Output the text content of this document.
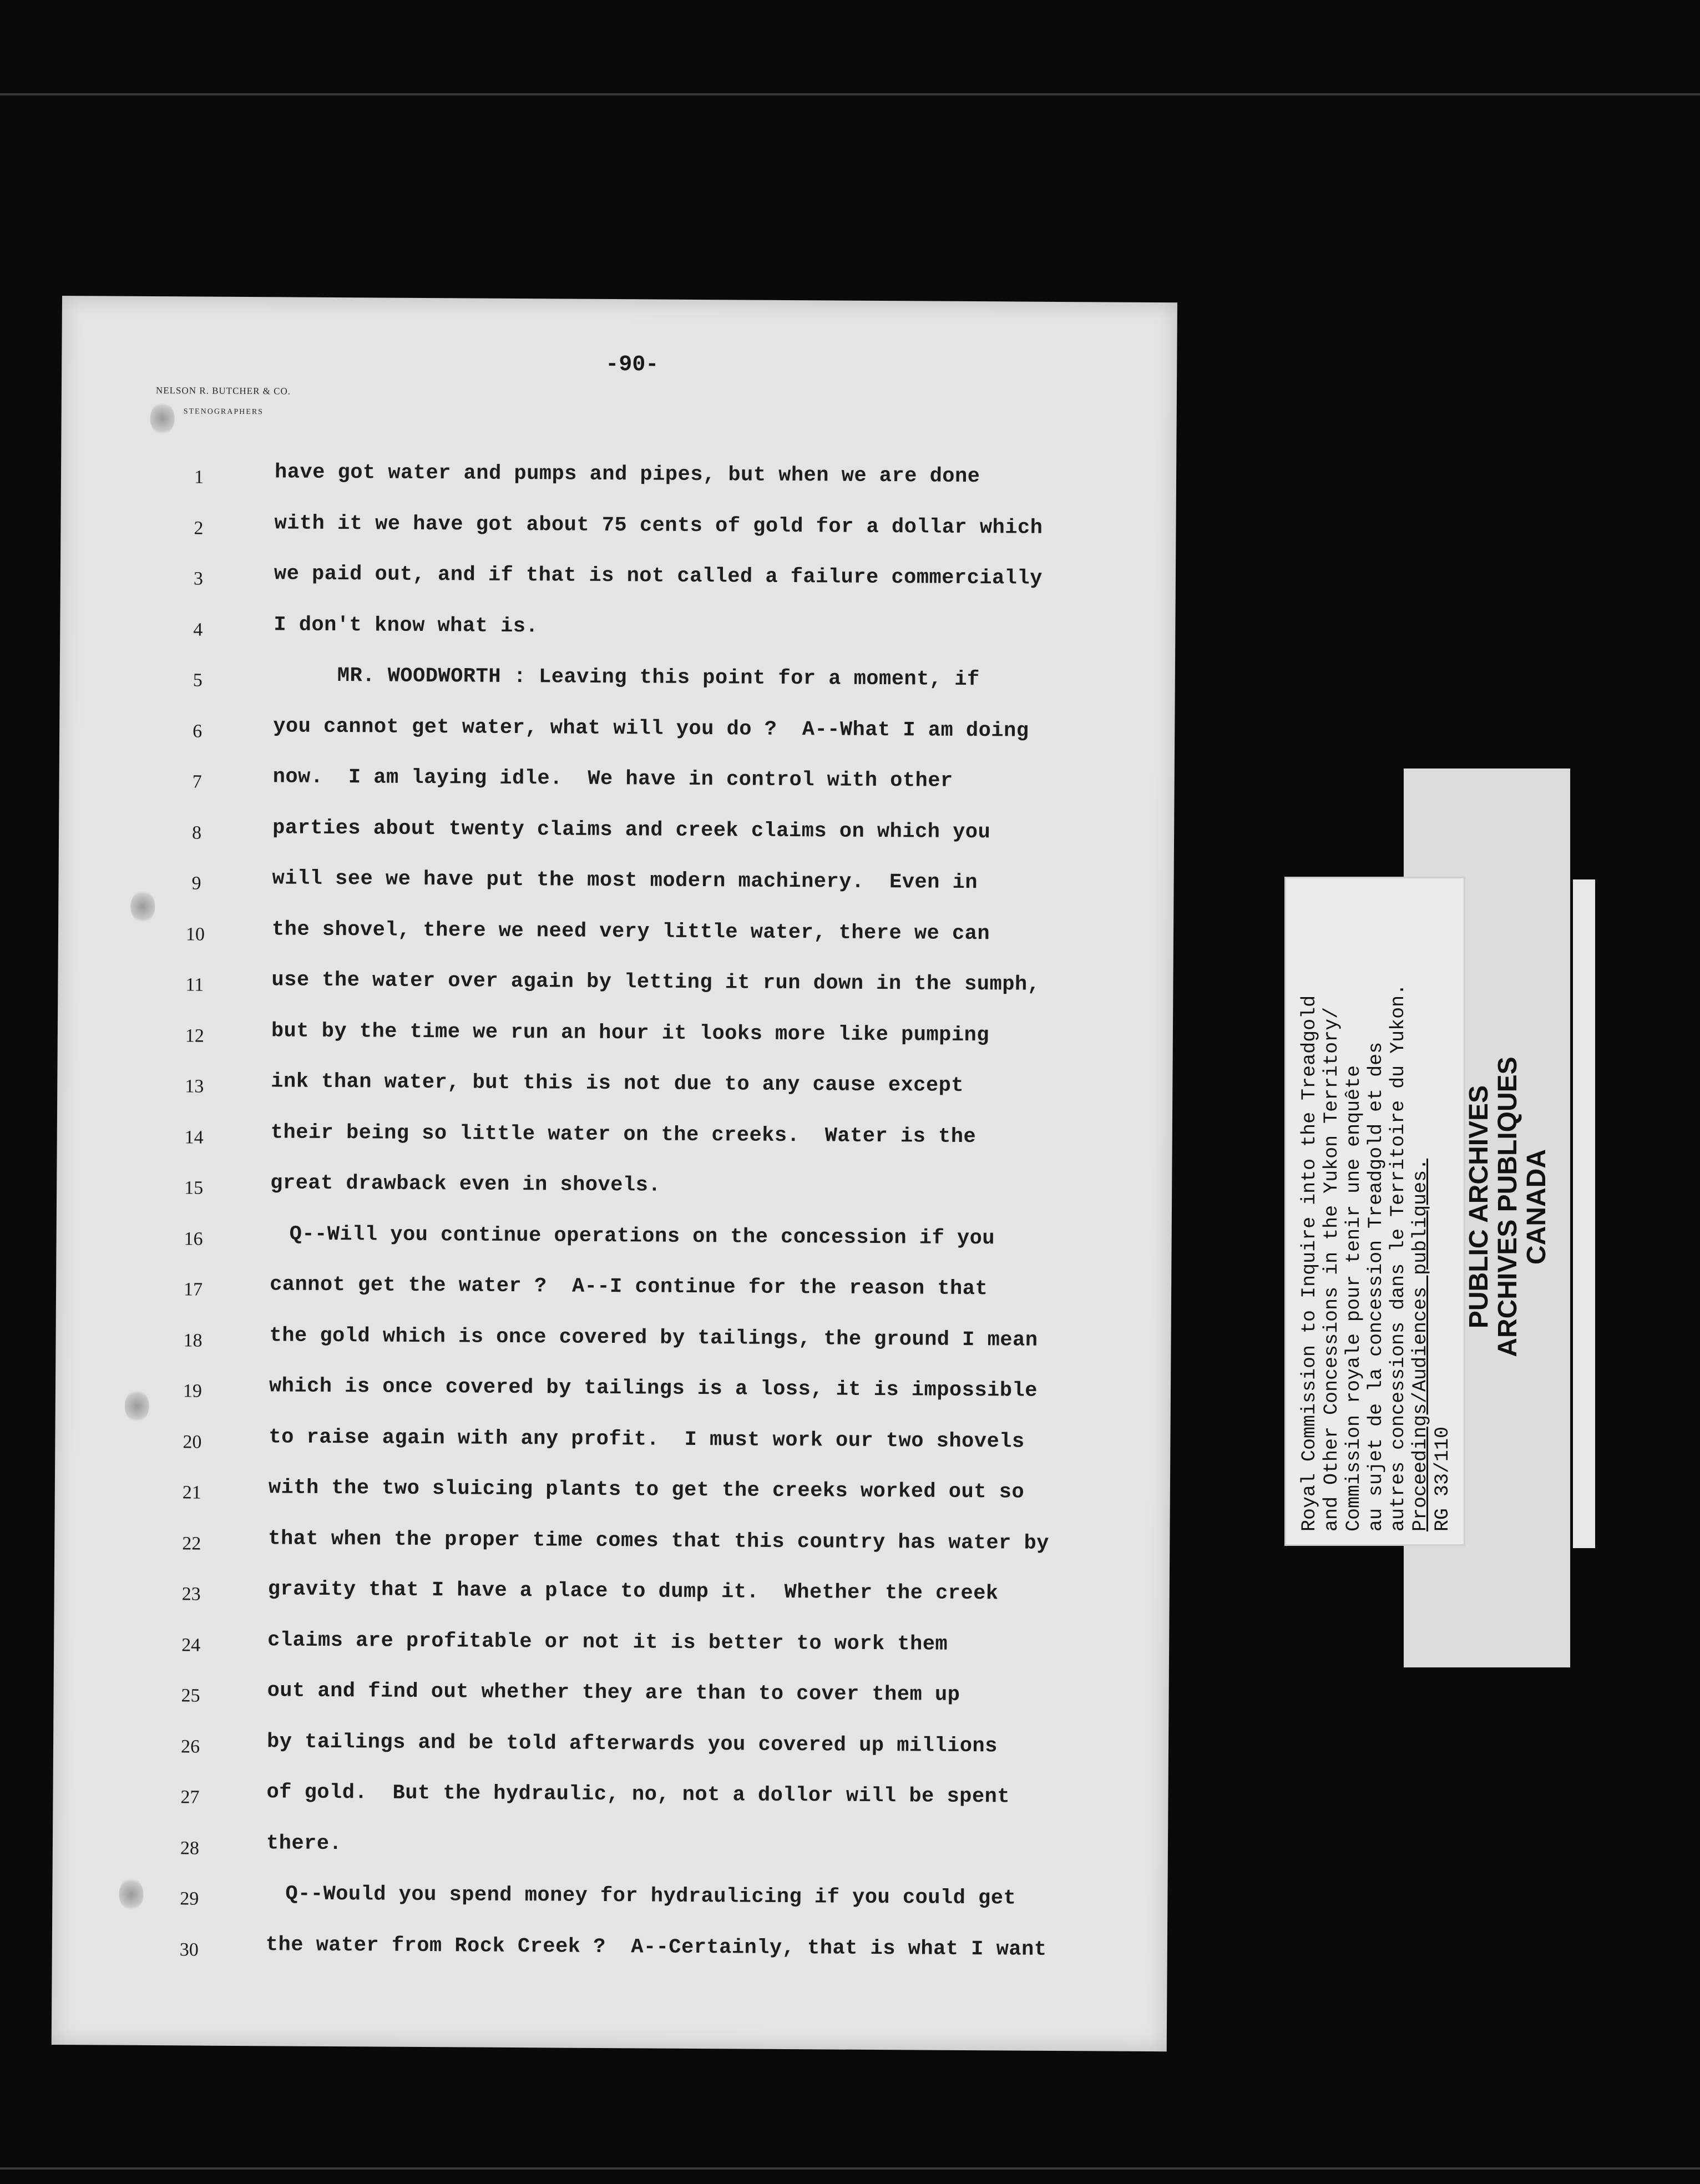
-90-
NELSON R. BUTCHER & CO.
STENOGRAPHERS
1
2
3
4
5
6
7
8
9
10
11
12
13
14
15
16
17
18
19
20
21
22
23
24
25
26
27
28
29
30
have got water and pumps and pipes, but when we are done
with it we have got about 75 cents of gold for a dollar which
we paid out, and if that is not called a failure commercially
I don't know what is.
MR. WOODWORTH : Leaving this point for a moment, if
you cannot get water, what will you do ?  A--What I am doing
now.  I am laying idle.  We have in control with other
parties about twenty claims and creek claims on which you
will see we have put the most modern machinery.  Even in
the shovel, there we need very little water, there we can
use the water over again by letting it run down in the sumph,
but by the time we run an hour it looks more like pumping
ink than water, but this is not due to any cause except
their being so little water on the creeks.  Water is the
great drawback even in shovels.
Q--Will you continue operations on the concession if you
cannot get the water ?  A--I continue for the reason that
the gold which is once covered by tailings, the ground I mean
which is once covered by tailings is a loss, it is impossible
to raise again with any profit.  I must work our two shovels
with the two sluicing plants to get the creeks worked out so
that when the proper time comes that this country has water by
gravity that I have a place to dump it.  Whether the creek
claims are profitable or not it is better to work them
out and find out whether they are than to cover them up
by tailings and be told afterwards you covered up millions
of gold.  But the hydraulic, no, not a dollor will be spent
there.
Q--Would you spend money for hydraulicing if you could get
the water from Rock Creek ?  A--Certainly, that is what I want
Royal Commission to Inquire into the Treadgold and Other Concessions in the Yukon Territory/ Commission royale pour tenir une enquête au sujet de la concession Treadgold et des autres concessions dans le Territoire du Yukon. Proceedings/Audiences publiques. RG 33/110
PUBLIC ARCHIVES ARCHIVES PUBLIQUES CANADA
